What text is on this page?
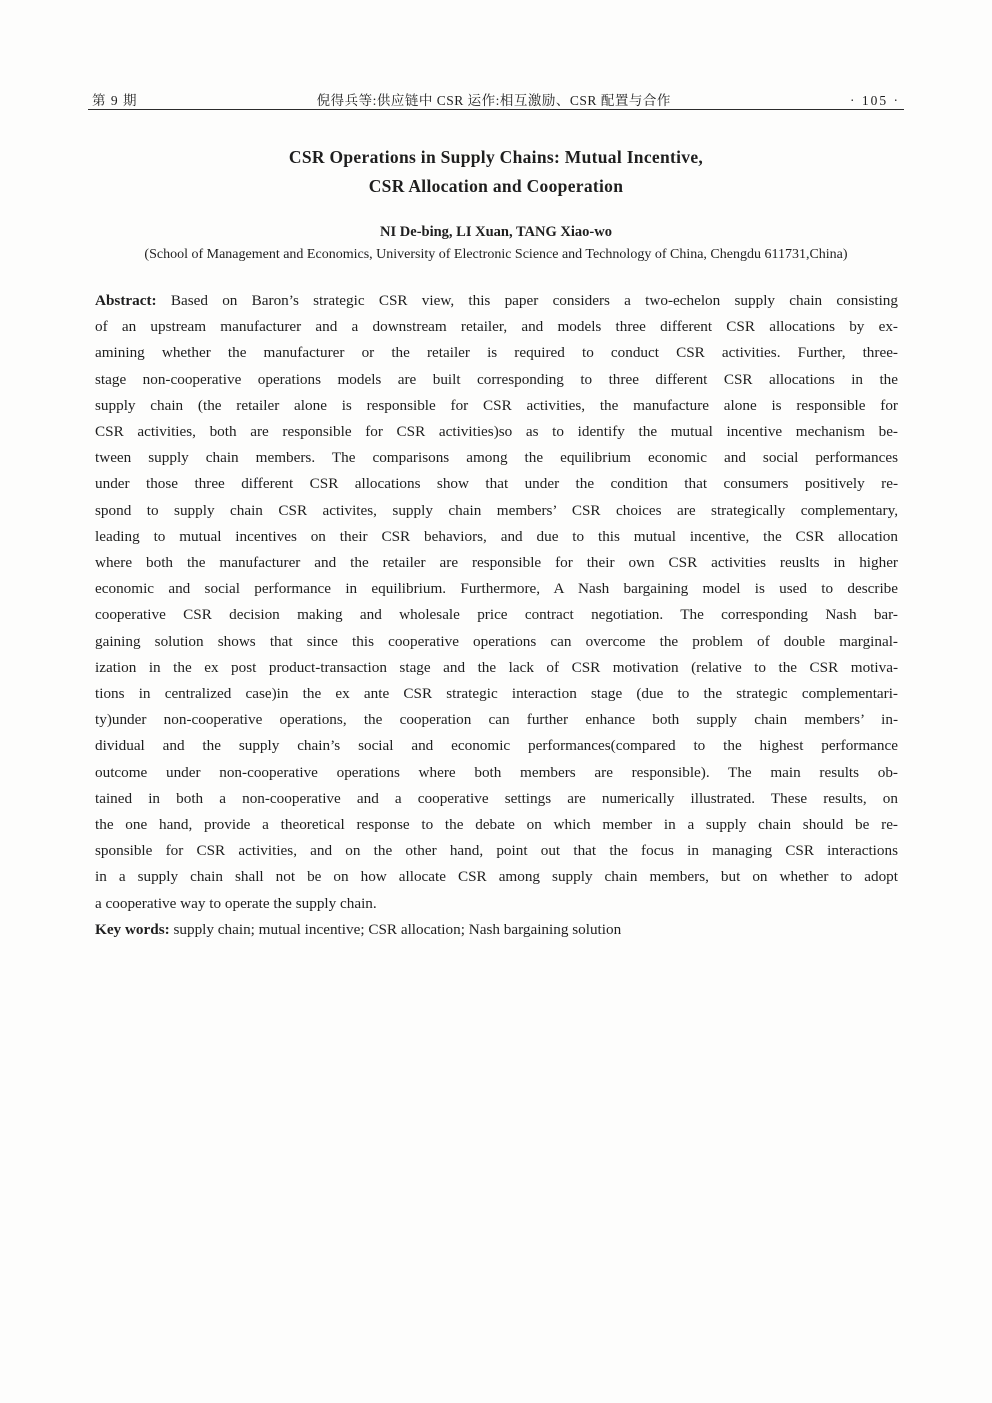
第 9 期	倪得兵等:供应链中 CSR 运作:相互激励、CSR 配置与合作	· 105 ·
CSR Operations in Supply Chains: Mutual Incentive,
CSR Allocation and Cooperation
NI De-bing, LI Xuan, TANG Xiao-wo
(School of Management and Economics, University of Electronic Science and Technology of China, Chengdu 611731,China)
Abstract: Based on Baron’s strategic CSR view, this paper considers a two-echelon supply chain consisting
of an upstream manufacturer and a downstream retailer, and models three different CSR allocations by ex-
amining whether the manufacturer or the retailer is required to conduct CSR activities. Further, three-
stage non-cooperative operations models are built corresponding to three different CSR allocations in the
supply chain (the retailer alone is responsible for CSR activities, the manufacture alone is responsible for
CSR activities, both are responsible for CSR activities)so as to identify the mutual incentive mechanism be-
tween supply chain members. The comparisons among the equilibrium economic and social performances
under those three different CSR allocations show that under the condition that consumers positively re-
spond to supply chain CSR activites, supply chain members’ CSR choices are strategically complementary,
leading to mutual incentives on their CSR behaviors, and due to this mutual incentive, the CSR allocation
where both the manufacturer and the retailer are responsible for their own CSR activities reuslts in higher
economic and social performance in equilibrium. Furthermore, A Nash bargaining model is used to describe
cooperative CSR decision making and wholesale price contract negotiation. The corresponding Nash bar-
gaining solution shows that since this cooperative operations can overcome the problem of double marginal-
ization in the ex post product-transaction stage and the lack of CSR motivation (relative to the CSR motiva-
tions in centralized case)in the ex ante CSR strategic interaction stage (due to the strategic complementari-
ty)under non-cooperative operations, the cooperation can further enhance both supply chain members’ in-
dividual and the supply chain’s social and economic performances(compared to the highest performance
outcome under non-cooperative operations where both members are responsible). The main results ob-
tained in both a non-cooperative and a cooperative settings are numerically illustrated. These results, on
the one hand, provide a theoretical response to the debate on which member in a supply chain should be re-
sponsible for CSR activities, and on the other hand, point out that the focus in managing CSR interactions
in a supply chain shall not be on how allocate CSR among supply chain members, but on whether to adopt
a cooperative way to operate the supply chain.
Key words: supply chain; mutual incentive; CSR allocation; Nash bargaining solution
